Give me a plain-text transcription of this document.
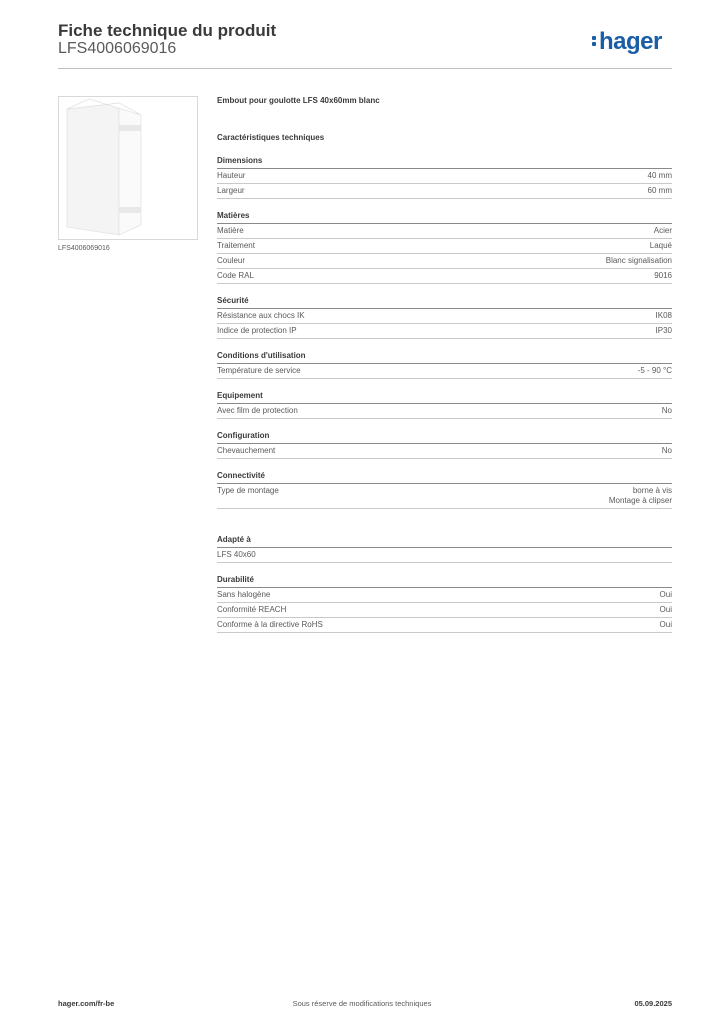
Fiche technique du produit
LFS4006069016	hager
LFS4006069016
Embout pour goulotte LFS 40x60mm blanc
Caractéristiques techniques
Dimensions
Hauteur	40 mm
Largeur	60 mm
Matières
Matière	Acier
Traitement	Laqué
Couleur	Blanc signalisation
Code RAL	9016
Sécurité
Résistance aux chocs IK	IK08
Indice de protection IP	IP30
Conditions d'utilisation
Température de service	-5 - 90 °C
Equipement
Avec film de protection	No
Configuration
Chevauchement	No
Connectivité
Type de montage	borne à vis
Montage à clipser
Adapté à
LFS 40x60
Durabilité
Sans halogène	Oui
Conformité REACH	Oui
Conforme à la directive RoHS	Oui
hager.com/fr-be	Sous réserve de modifications techniques	05.09.2025
